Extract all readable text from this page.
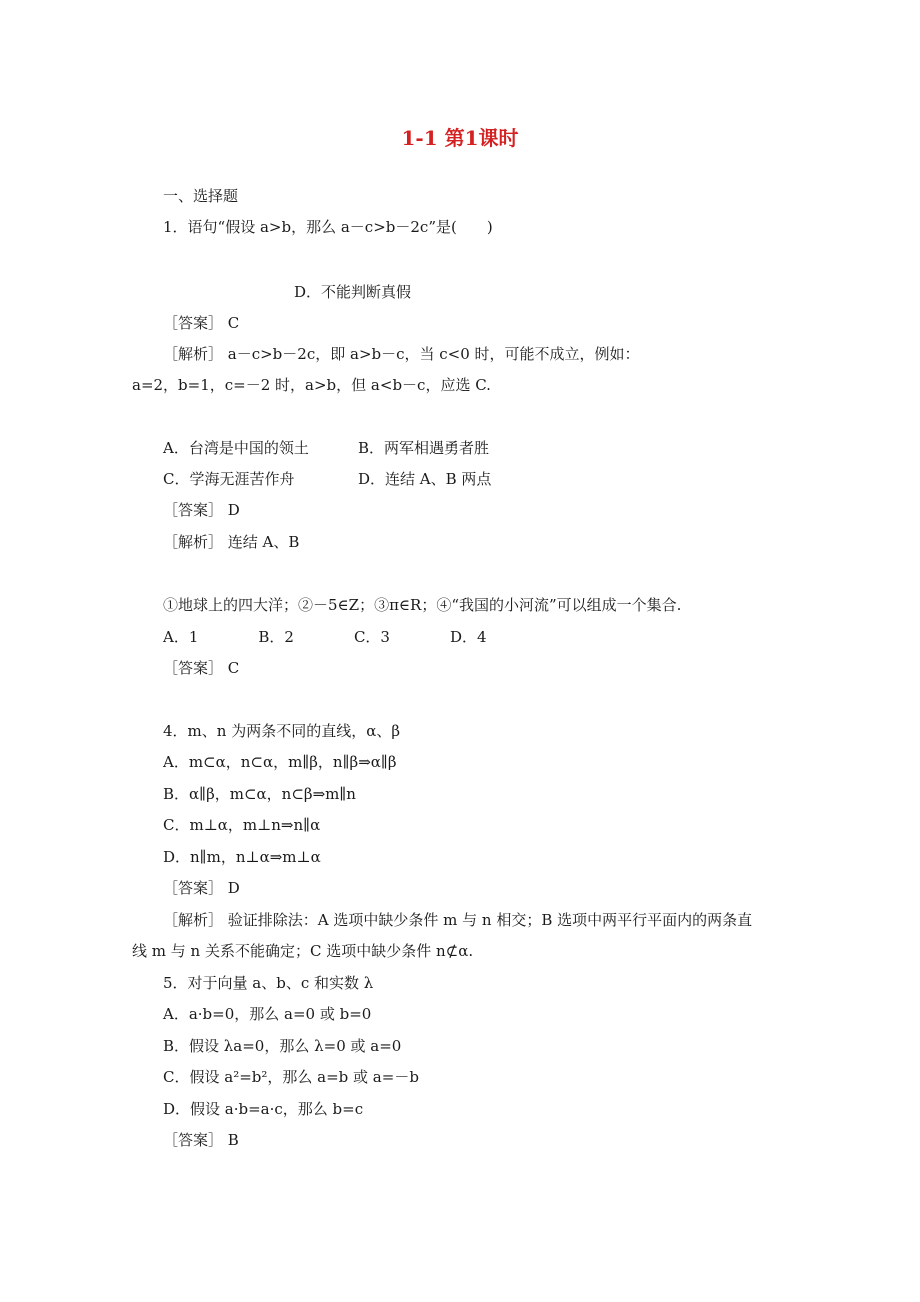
1-1 第1课时
一、选择题
1．语句“假设 a>b，那么 a－c>b－2c”是(　　)
D．不能判断真假
［答案］ C
［解析］ a－c>b－2c，即 a>b－c，当 c<0 时，可能不成立，例如：
a=2，b=1，c=－2 时，a>b，但 a<b－c，应选 C.
A．台湾是中国的领土	B．两军相遇勇者胜
C．学海无涯苦作舟	D．连结 A、B 两点
［答案］ D
［解析］ 连结 A、B
①地球上的四大洋；②－5∈Z；③π∈R；④“我国的小河流”可以组成一个集合.
A．1　　　　B．2　　　　C．3　　　　D．4
［答案］ C
4．m、n 为两条不同的直线，α、β
A．m⊂α，n⊂α，m∥β，n∥β⇒α∥β
B．α∥β，m⊂α，n⊂β⇒m∥n
C．m⊥α，m⊥n⇒n∥α
D．n∥m，n⊥α⇒m⊥α
［答案］ D
［解析］ 验证排除法：A 选项中缺少条件 m 与 n 相交；B 选项中两平行平面内的两条直
线 m 与 n 关系不能确定；C 选项中缺少条件 n⊄α.
5．对于向量 a、b、c 和实数 λ
A．a·b=0，那么 a=0 或 b=0
B．假设 λa=0，那么 λ=0 或 a=0
C．假设 a²=b²，那么 a=b 或 a=－b
D．假设 a·b=a·c，那么 b=c
［答案］ B
